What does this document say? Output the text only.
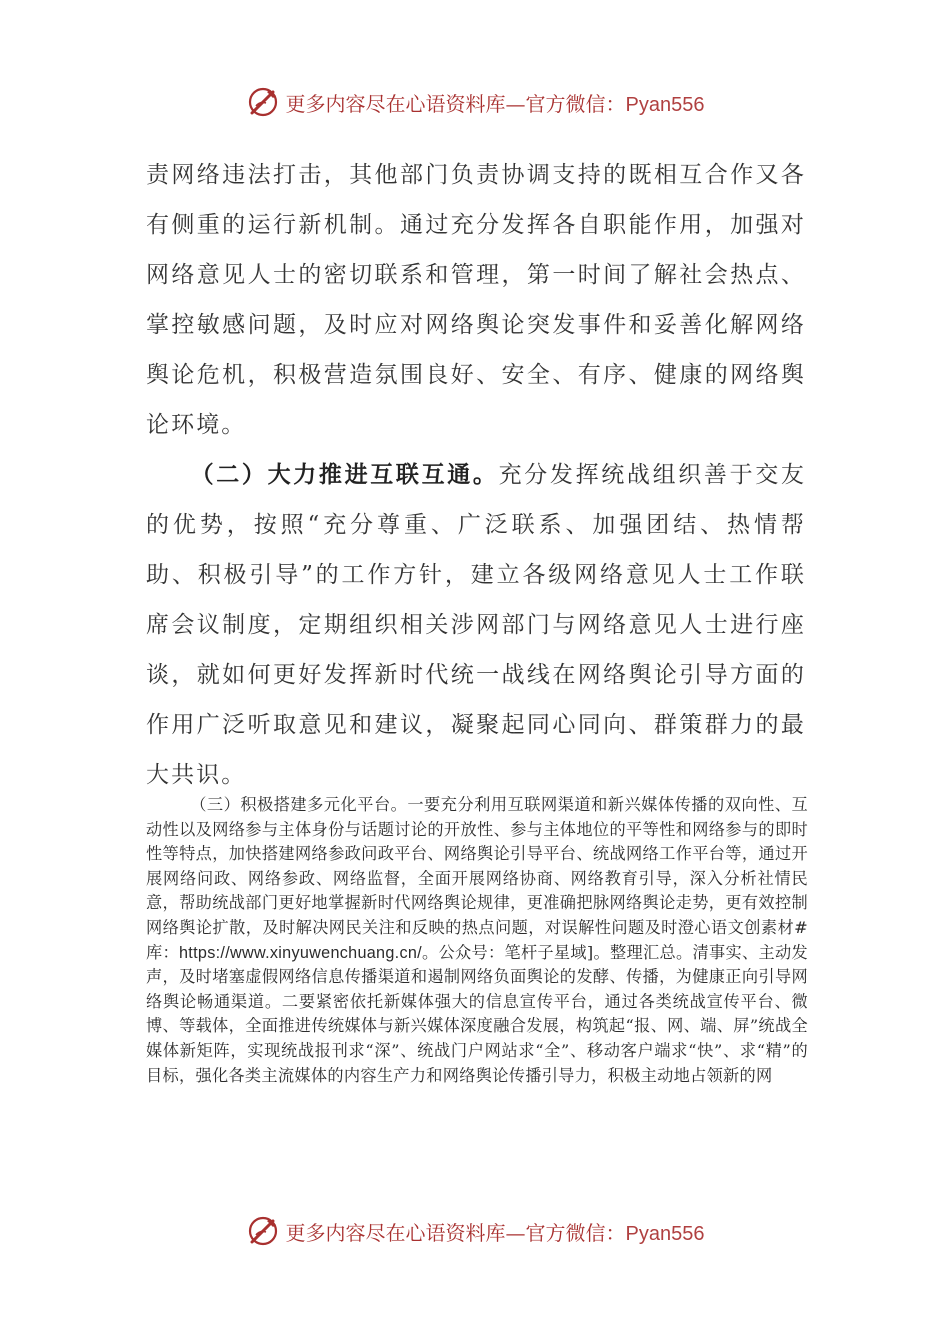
更多内容尽在心语资料库—官方微信：Pyan556

责网络违法打击，其他部门负责协调支持的既相互合作又各有侧重的运行新机制。通过充分发挥各自职能作用，加强对网络意见人士的密切联系和管理，第一时间了解社会热点、掌控敏感问题，及时应对网络舆论突发事件和妥善化解网络舆论危机，积极营造氛围良好、安全、有序、健康的网络舆论环境。

（二）大力推进互联互通。充分发挥统战组织善于交友的优势，按照“充分尊重、广泛联系、加强团结、热情帮助、积极引导”的工作方针，建立各级网络意见人士工作联席会议制度，定期组织相关涉网部门与网络意见人士进行座谈，就如何更好发挥新时代统一战线在网络舆论引导方面的作用广泛听取意见和建议，凝聚起同心同向、群策群力的最大共识。

（三）积极搭建多元化平台。一要充分利用互联网渠道和新兴媒体传播的双向性、互动性以及网络参与主体身份与话题讨论的开放性、参与主体地位的平等性和网络参与的即时性等特点，加快搭建网络参政问政平台、网络舆论引导平台、统战网络工作平台等，通过开展网络问政、网络参政、网络监督，全面开展网络协商、网络教育引导，深入分析社情民意，帮助统战部门更好地掌握新时代网络舆论规律，更准确把脉网络舆论走势，更有效控制网络舆论扩散，及时解决网民关注和反映的热点问题，对误解性问题及时澄心语文创素材#库：https://www.xinyuwenchuang.cn/。公众号：笔杆子星域]。整理汇总。清事实、主动发声，及时堵塞虚假网络信息传播渠道和遏制网络负面舆论的发酵、传播，为健康正向引导网络舆论畅通渠道。二要紧密依托新媒体强大的信息宣传平台，通过各类统战宣传平台、微博、等载体，全面推进传统媒体与新兴媒体深度融合发展，构筑起“报、网、端、屏”统战全媒体新矩阵，实现统战报刊求“深”、统战门户网站求“全”、移动客户端求“快”、求“精”的目标，强化各类主流媒体的内容生产力和网络舆论传播引导力，积极主动地占领新的网
更多内容尽在心语资料库—官方微信：Pyan556
